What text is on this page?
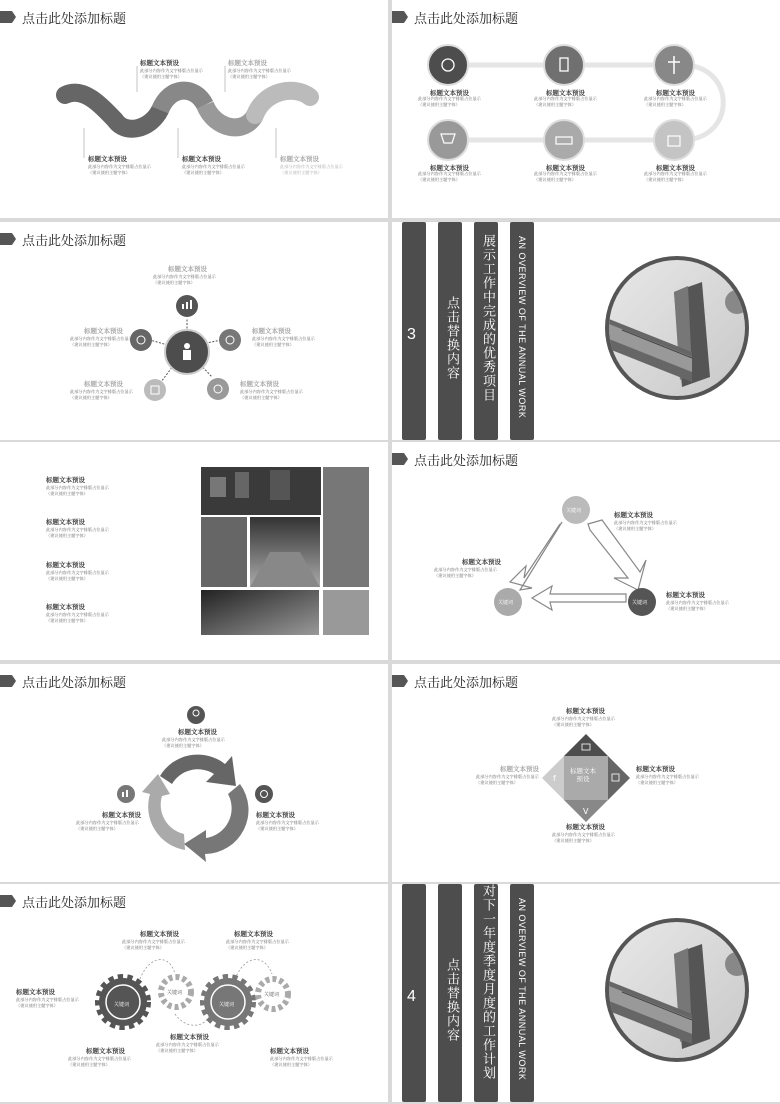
点击此处添加标题
标题文本预设
此部分内容作为文字排版占位显示
（建议使用主题字体）
标题文本预设
此部分内容作为文字排版占位显示
（建议使用主题字体）
标题文本预设
此部分内容作为文字排版占位显示
（建议使用主题字体）
标题文本预设
此部分内容作为文字排版占位显示
（建议使用主题字体）
标题文本预设
此部分内容作为文字排版占位显示
（建议使用主题字体）
点击此处添加标题
标题文本预设
此部分内容作为文字排版占位显示
（建议使用主题字体）
标题文本预设
此部分内容作为文字排版占位显示
（建议使用主题字体）
标题文本预设
此部分内容作为文字排版占位显示
（建议使用主题字体）
标题文本预设
此部分内容作为文字排版占位显示
（建议使用主题字体）
标题文本预设
此部分内容作为文字排版占位显示
（建议使用主题字体）
标题文本预设
此部分内容作为文字排版占位显示
（建议使用主题字体）
点击此处添加标题
标题文本预设
此部分内容作为文字排版占位显示
（建议使用主题字体）
标题文本预设
此部分内容作为文字排版占位显示
（建议使用主题字体）
标题文本预设
此部分内容作为文字排版占位显示
（建议使用主题字体）
标题文本预设
此部分内容作为文字排版占位显示
（建议使用主题字体）
标题文本预设
此部分内容作为文字排版占位显示
（建议使用主题字体）
3 点击替换内容 展示工作中完成的优秀项目 AN OVERVIEW OF THE ANNUAL WORK
标题文本预设
此部分内容作为文字排版占位显示
（建议使用主题字体）
标题文本预设
此部分内容作为文字排版占位显示
（建议使用主题字体）
标题文本预设
此部分内容作为文字排版占位显示
（建议使用主题字体）
标题文本预设
此部分内容作为文字排版占位显示
（建议使用主题字体）
点击此处添加标题
关键词
关键词	关键词
标题文本预设
此部分内容作为文字排版占位显示
（建议使用主题字体）
标题文本预设
此部分内容作为文字排版占位显示
（建议使用主题字体）
标题文本预设
此部分内容作为文字排版占位显示
（建议使用主题字体）
点击此处添加标题
标题文本预设
此部分内容作为文字排版占位显示
（建议使用主题字体）
标题文本预设
此部分内容作为文字排版占位显示
（建议使用主题字体）
标题文本预设
此部分内容作为文字排版占位显示
（建议使用主题字体）
点击此处添加标题
V
f
标题文本
预设
标题文本预设
此部分内容作为文字排版占位显示
（建议使用主题字体）
标题文本预设
此部分内容作为文字排版占位显示
（建议使用主题字体）
标题文本预设
此部分内容作为文字排版占位显示
（建议使用主题字体）
标题文本预设
此部分内容作为文字排版占位显示
（建议使用主题字体）
点击此处添加标题
关键词
关键词
关键词
关键词
标题文本预设
此部分内容作为文字排版占位显示
（建议使用主题字体）
标题文本预设
此部分内容作为文字排版占位显示
（建议使用主题字体）
标题文本预设
此部分内容作为文字排版占位显示
（建议使用主题字体）
标题文本预设
此部分内容作为文字排版占位显示
（建议使用主题字体）
标题文本预设
此部分内容作为文字排版占位显示
（建议使用主题字体）
标题文本预设
此部分内容作为文字排版占位显示
（建议使用主题字体）
4 点击替换内容 对下一年度季度月度的工作计划 AN OVERVIEW OF THE ANNUAL WORK
